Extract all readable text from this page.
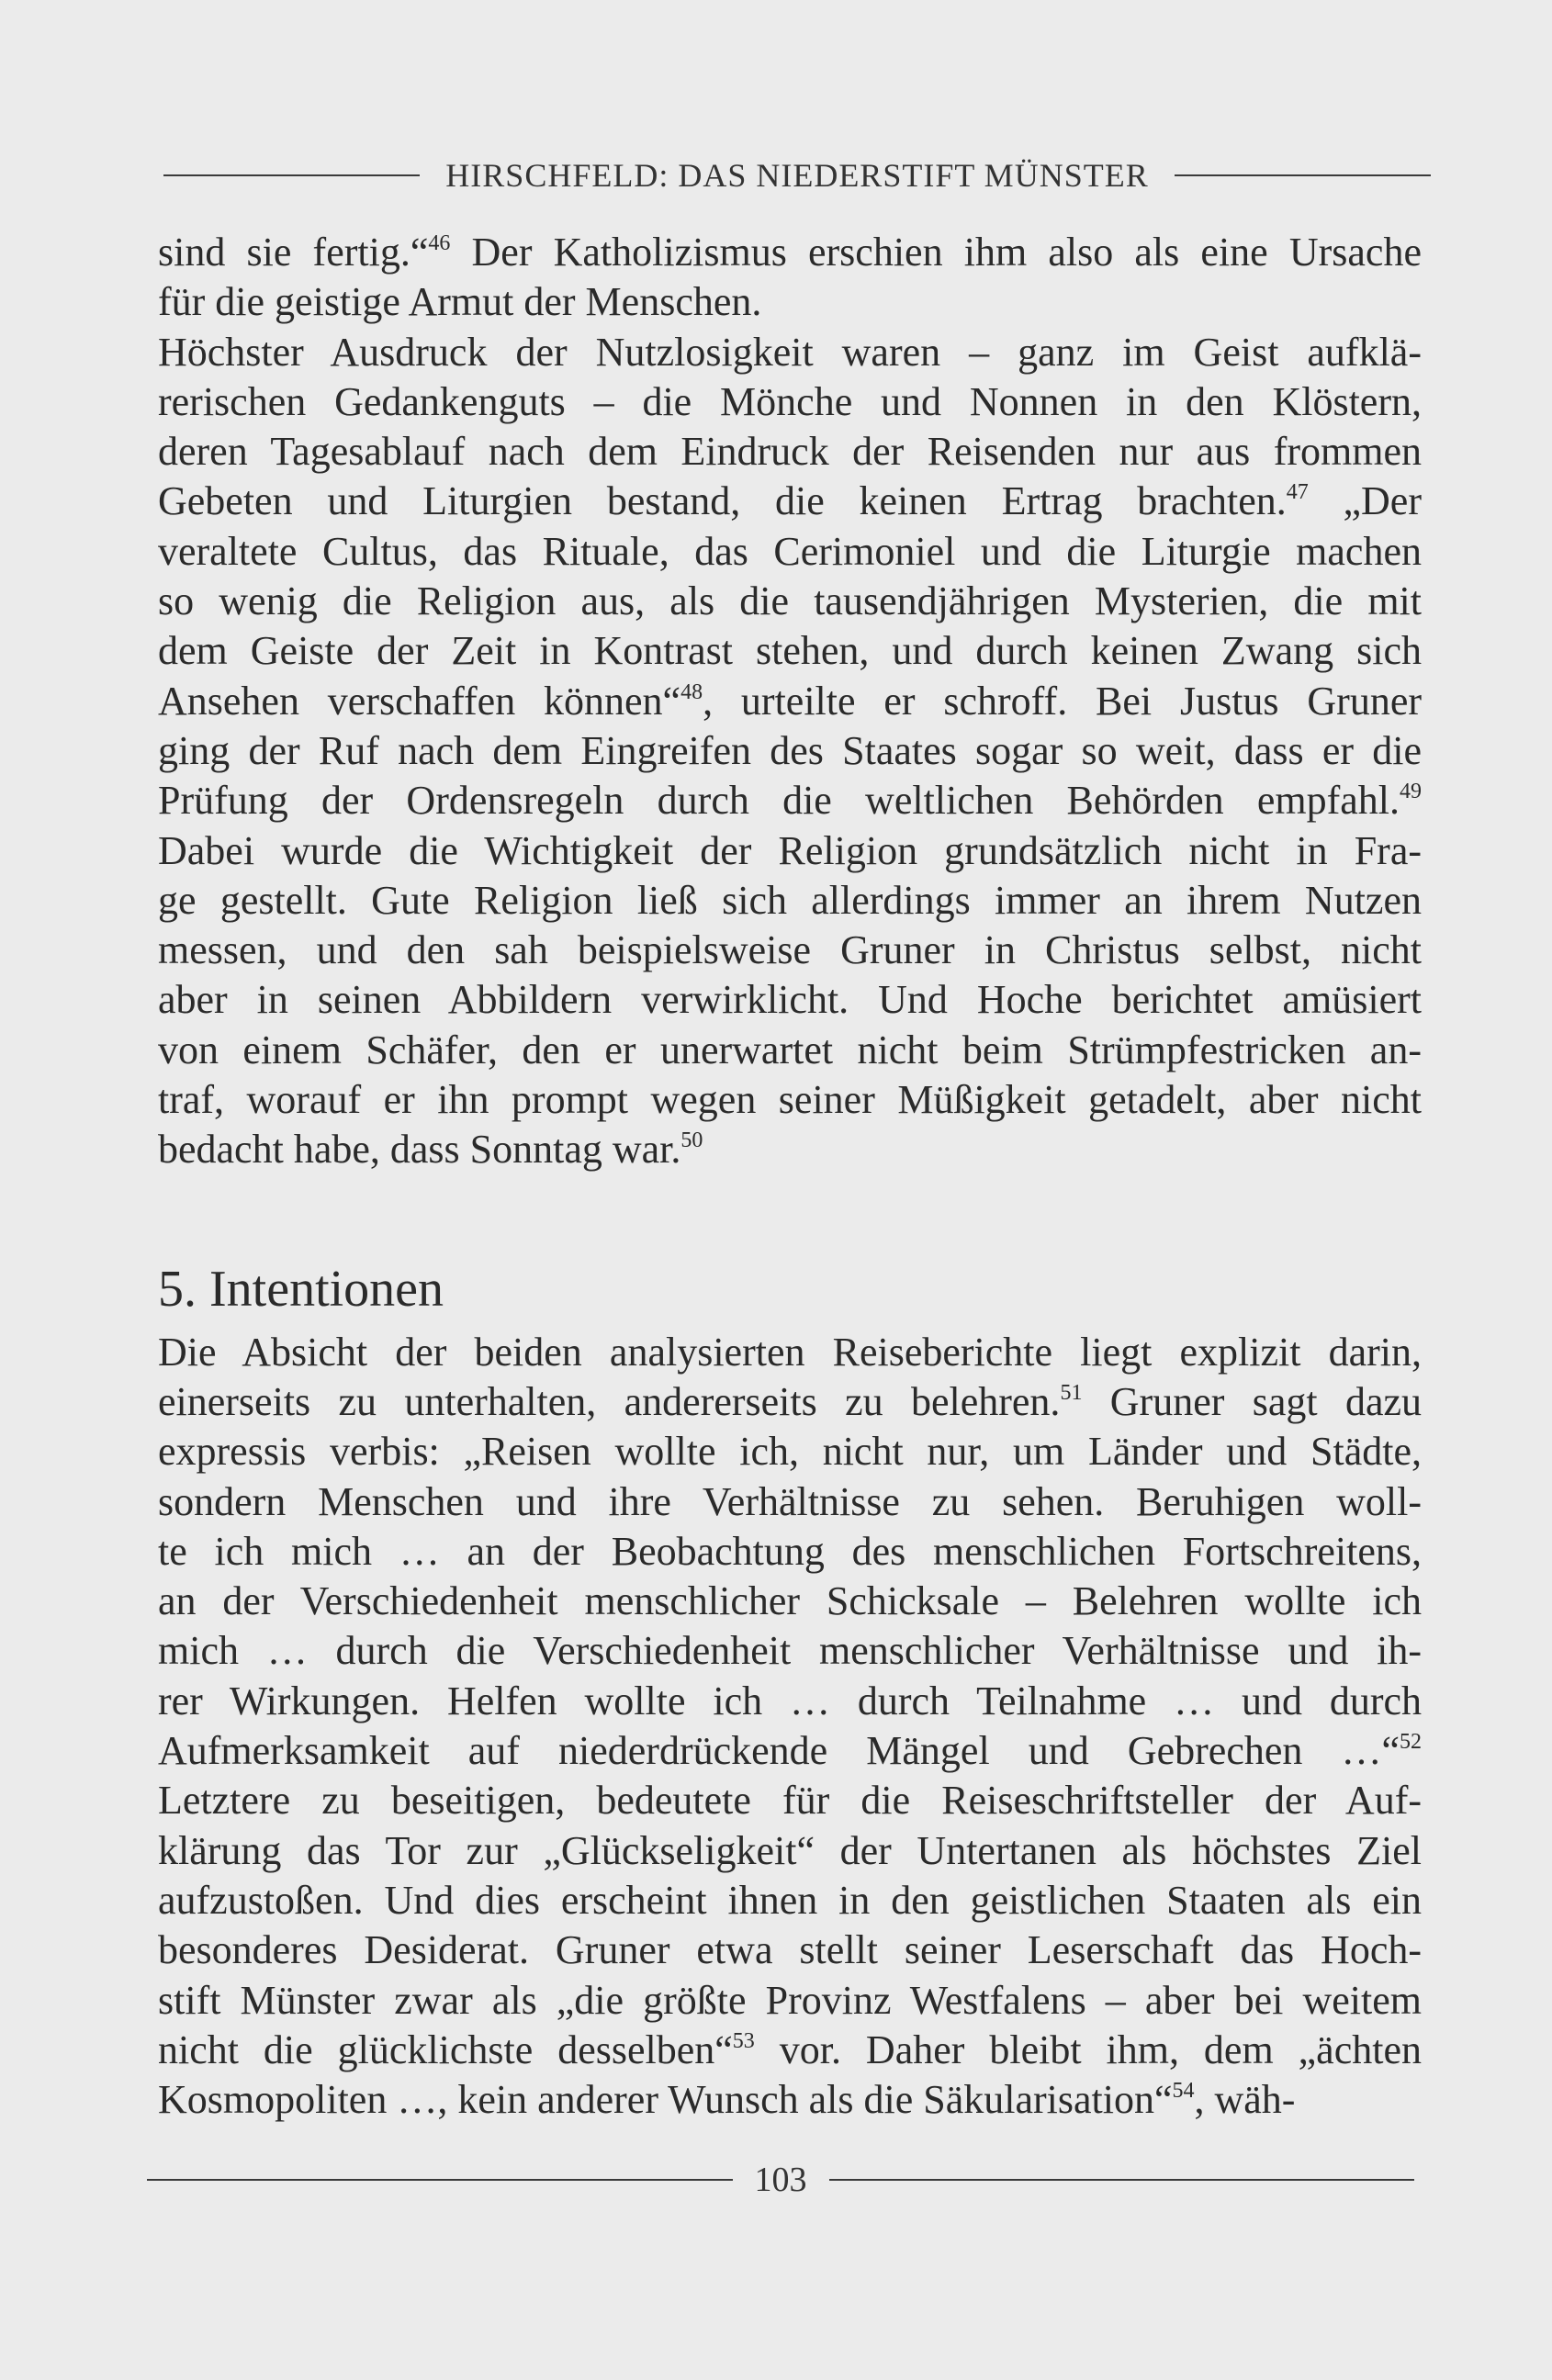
HIRSCHFELD: DAS NIEDERSTIFT MÜNSTER
sind sie fertig.“$^{46}$ Der Katholizismus erschien ihm also als eine Ursache
für die geistige Armut der Menschen.
Höchster Ausdruck der Nutzlosigkeit waren – ganz im Geist aufklä-
rerischen Gedankenguts – die Mönche und Nonnen in den Klöstern,
deren Tagesablauf nach dem Eindruck der Reisenden nur aus frommen
Gebeten und Liturgien bestand, die keinen Ertrag brachten.$^{47}$ „Der
veraltete Cultus, das Rituale, das Cerimoniel und die Liturgie machen
so wenig die Religion aus, als die tausendjährigen Mysterien, die mit
dem Geiste der Zeit in Kontrast stehen, und durch keinen Zwang sich
Ansehen verschaffen können“$^{48}$, urteilte er schroff. Bei Justus Gruner
ging der Ruf nach dem Eingreifen des Staates sogar so weit, dass er die
Prüfung der Ordensregeln durch die weltlichen Behörden empfahl.$^{49}$
Dabei wurde die Wichtigkeit der Religion grundsätzlich nicht in Fra-
ge gestellt. Gute Religion ließ sich allerdings immer an ihrem Nutzen
messen, und den sah beispielsweise Gruner in Christus selbst, nicht
aber in seinen Abbildern verwirklicht. Und Hoche berichtet amüsiert
von einem Schäfer, den er unerwartet nicht beim Strümpfestricken an-
traf, worauf er ihn prompt wegen seiner Müßigkeit getadelt, aber nicht
bedacht habe, dass Sonntag war.$^{50}$
5. Intentionen
Die Absicht der beiden analysierten Reiseberichte liegt explizit darin,
einerseits zu unterhalten, andererseits zu belehren.$^{51}$ Gruner sagt dazu
expressis verbis: „Reisen wollte ich, nicht nur, um Länder und Städte,
sondern Menschen und ihre Verhältnisse zu sehen. Beruhigen woll-
te ich mich … an der Beobachtung des menschlichen Fortschreitens,
an der Verschiedenheit menschlicher Schicksale – Belehren wollte ich
mich … durch die Verschiedenheit menschlicher Verhältnisse und ih-
rer Wirkungen. Helfen wollte ich … durch Teilnahme … und durch
Aufmerksamkeit auf niederdrückende Mängel und Gebrechen …“$^{52}$
Letztere zu beseitigen, bedeutete für die Reiseschriftsteller der Auf-
klärung das Tor zur „Glückseligkeit“ der Untertanen als höchstes Ziel
aufzustoßen. Und dies erscheint ihnen in den geistlichen Staaten als ein
besonderes Desiderat. Gruner etwa stellt seiner Leserschaft das Hoch-
stift Münster zwar als „die größte Provinz Westfalens – aber bei weitem
nicht die glücklichste desselben“$^{53}$ vor. Daher bleibt ihm, dem „ächten
Kosmopoliten …, kein anderer Wunsch als die Säkularisation“$^{54}$, wäh-
103
